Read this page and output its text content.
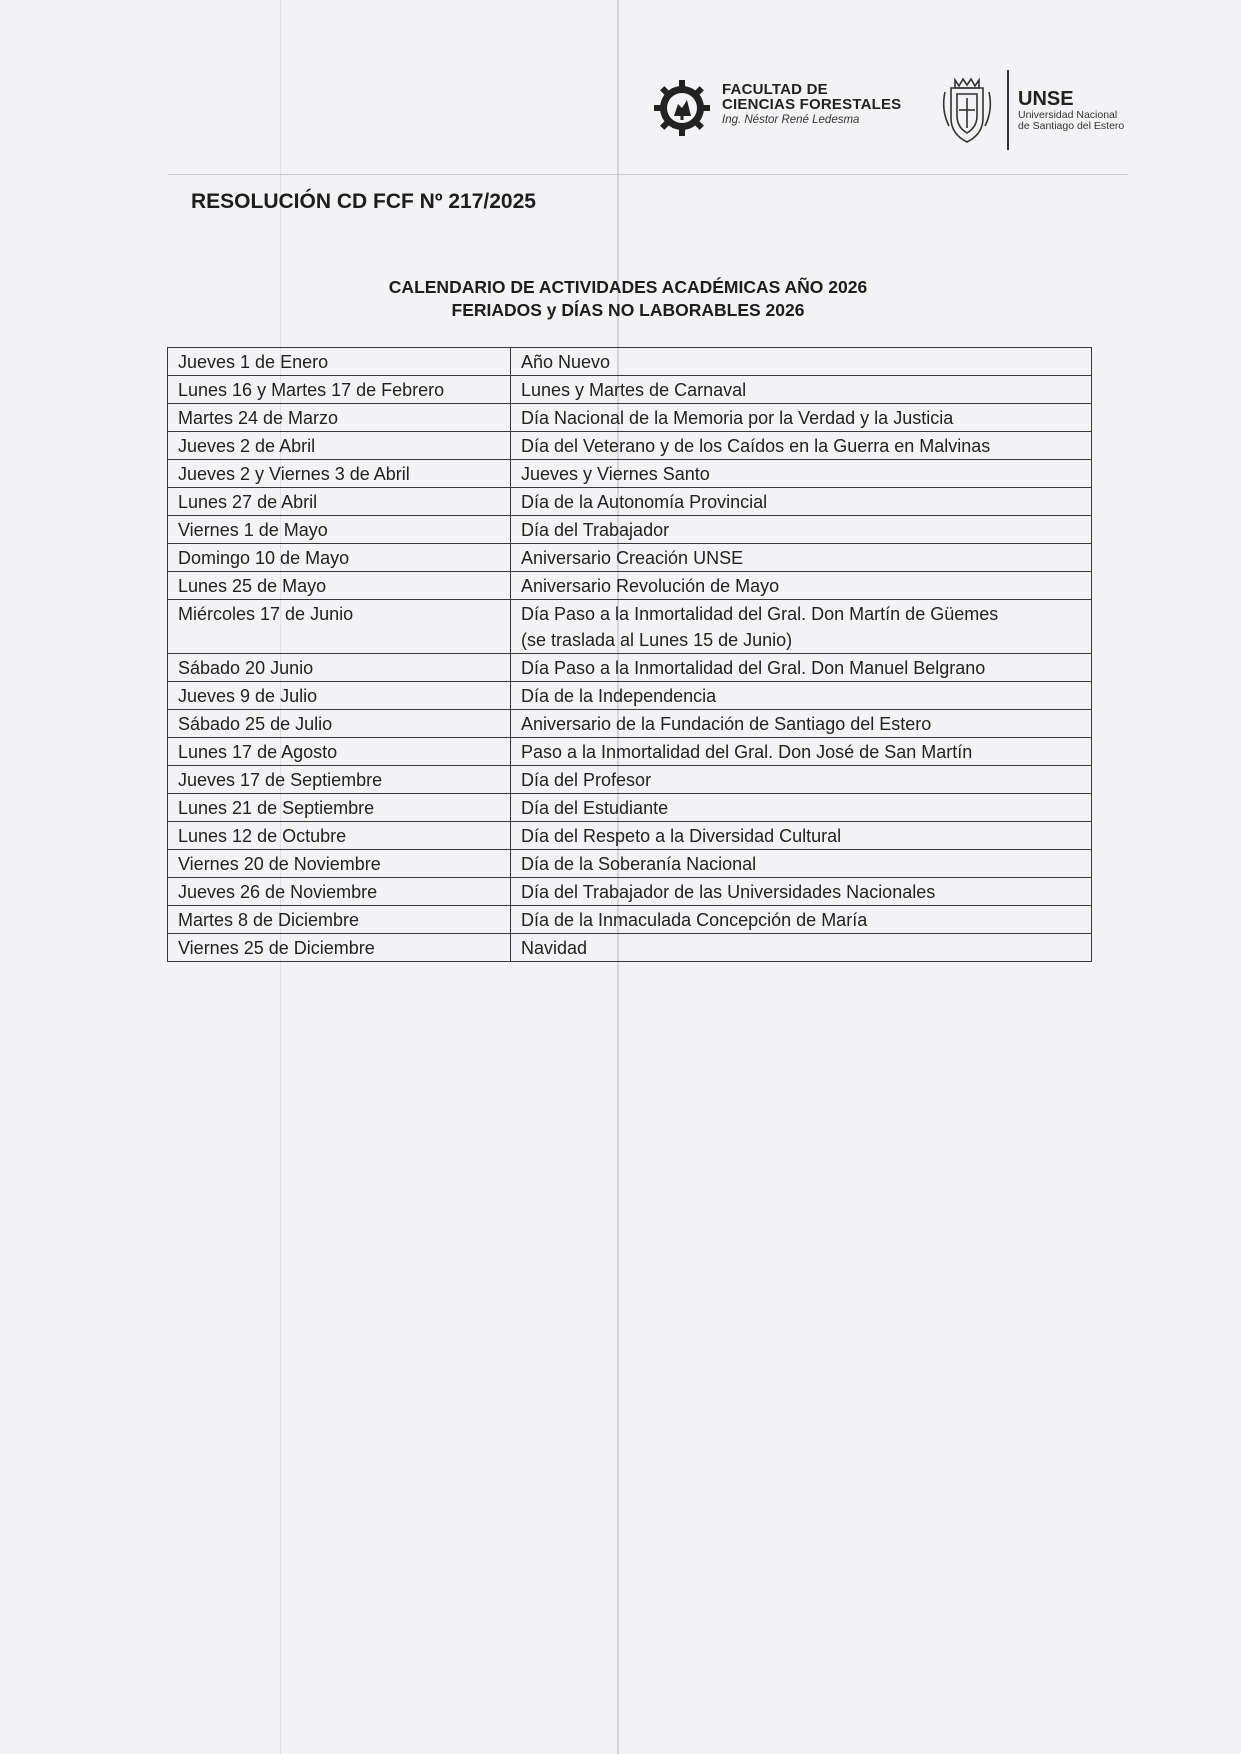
FACULTAD DE
CIENCIAS FORESTALES
Ing. Néstor René Ledesma
UNSE
Universidad Nacional
de Santiago del Estero
RESOLUCIÓN CD FCF Nº 217/2025
CALENDARIO DE ACTIVIDADES ACADÉMICAS AÑO 2026
FERIADOS y DÍAS NO LABORABLES 2026
Jueves 1 de Enero	Año Nuevo
Lunes 16 y Martes 17 de Febrero	Lunes y Martes de Carnaval
Martes 24 de Marzo	Día Nacional de la Memoria por la Verdad y la Justicia
Jueves 2 de Abril	Día del Veterano y de los Caídos en la Guerra en Malvinas
Jueves 2 y Viernes 3 de Abril	Jueves y Viernes Santo
Lunes 27 de Abril	Día de la Autonomía Provincial
Viernes 1 de Mayo	Día del Trabajador
Domingo 10 de Mayo	Aniversario Creación UNSE
Lunes 25 de Mayo	Aniversario Revolución de Mayo
Miércoles 17 de Junio	Día Paso a la Inmortalidad del Gral. Don Martín de Güemes
(se traslada al Lunes 15 de Junio)
Sábado 20 Junio	Día Paso a la Inmortalidad del Gral. Don Manuel Belgrano
Jueves 9 de Julio	Día de la Independencia
Sábado 25 de Julio	Aniversario de la Fundación de Santiago del Estero
Lunes 17 de Agosto	Paso a la Inmortalidad del Gral. Don José de San Martín
Jueves 17 de Septiembre	Día del Profesor
Lunes 21 de Septiembre	Día del Estudiante
Lunes 12 de Octubre	Día del Respeto a la Diversidad Cultural
Viernes 20 de Noviembre	Día de la Soberanía Nacional
Jueves 26 de Noviembre	Día del Trabajador de las Universidades Nacionales
Martes 8 de Diciembre	Día de la Inmaculada Concepción de María
Viernes 25 de Diciembre	Navidad
